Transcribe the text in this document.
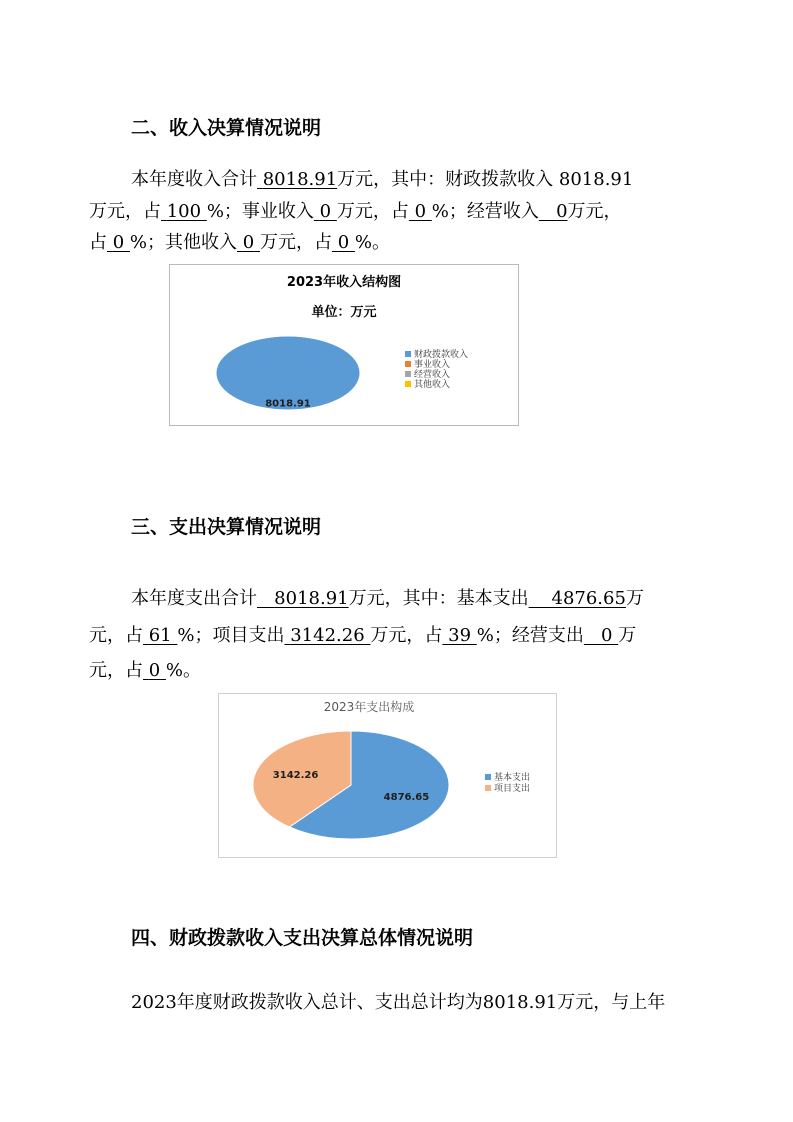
二、收入决算情况说明
本年度收入合计 8018.91万元，其中：财政拨款收入 8018.91
万元，占 100 %；事业收入 0 万元，占 0 %；经营收入 0万元，
占 0 %；其他收入 0 万元，占 0 %。
2023年收入结构图
单位：万元
8018.91
财政拨款收入
事业收入
经营收入
其他收入
三、支出决算情况说明
本年度支出合计 8018.91万元，其中：基本支出 4876.65万
元，占 61 %；项目支出 3142.26 万元，占 39 %；经营支出 0 万
元，占 0 %。
2023年支出构成
4876.65
3142.26	基本支出
项目支出
四、财政拨款收入支出决算总体情况说明
2023年度财政拨款收入总计、支出总计均为8018.91万元，与上年
